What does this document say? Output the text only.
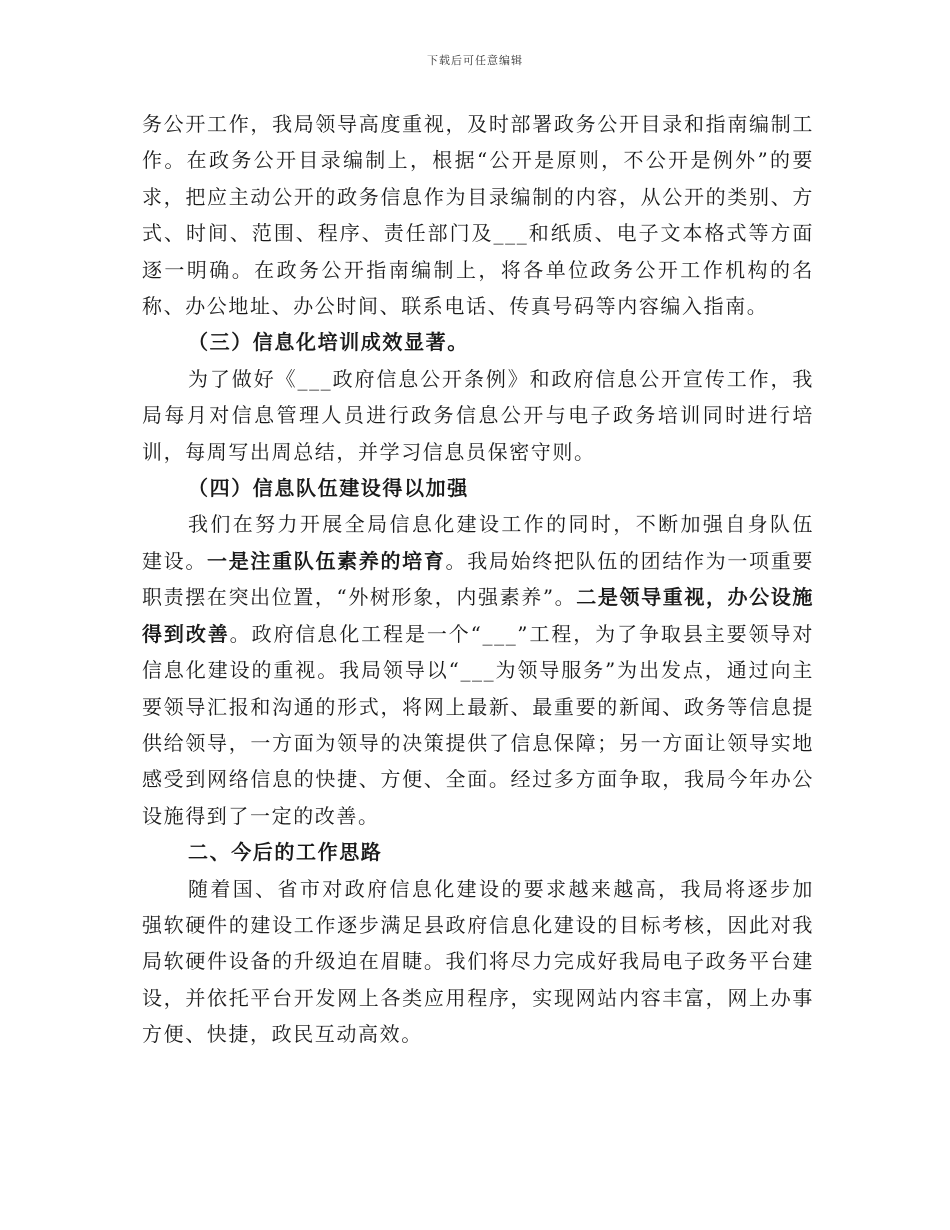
下载后可任意编辑

务公开工作，我局领导高度重视，及时部署政务公开目录和指南编制工作。在政务公开目录编制上，根据“公开是原则，不公开是例外”的要求，把应主动公开的政务信息作为目录编制的内容，从公开的类别、方式、时间、范围、程序、责任部门及___和纸质、电子文本格式等方面逐一明确。在政务公开指南编制上，将各单位政务公开工作机构的名称、办公地址、办公时间、联系电话、传真号码等内容编入指南。

（三）信息化培训成效显著。

为了做好《___政府信息公开条例》和政府信息公开宣传工作，我局每月对信息管理人员进行政务信息公开与电子政务培训同时进行培训，每周写出周总结，并学习信息员保密守则。

（四）信息队伍建设得以加强

我们在努力开展全局信息化建设工作的同时，不断加强自身队伍建设。一是注重队伍素养的培育。我局始终把队伍的团结作为一项重要职责摆在突出位置，“外树形象，内强素养”。二是领导重视，办公设施得到改善。政府信息化工程是一个“___”工程，为了争取县主要领导对信息化建设的重视。我局领导以“___为领导服务”为出发点，通过向主要领导汇报和沟通的形式，将网上最新、最重要的新闻、政务等信息提供给领导，一方面为领导的决策提供了信息保障；另一方面让领导实地感受到网络信息的快捷、方便、全面。经过多方面争取，我局今年办公设施得到了一定的改善。

二、今后的工作思路

随着国、省市对政府信息化建设的要求越来越高，我局将逐步加强软硬件的建设工作逐步满足县政府信息化建设的目标考核，因此对我局软硬件设备的升级迫在眉睫。我们将尽力完成好我局电子政务平台建设，并依托平台开发网上各类应用程序，实现网站内容丰富，网上办事方便、快捷，政民互动高效。
